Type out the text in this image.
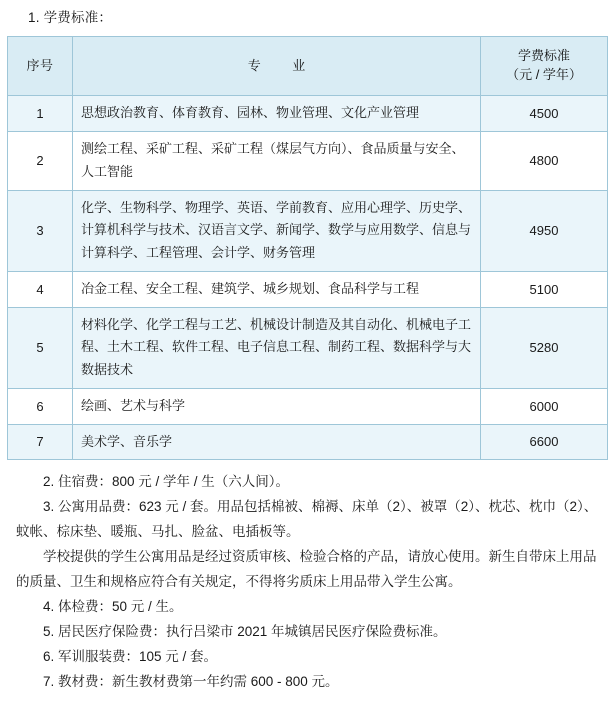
1. 学费标准：
序号	专 业	学费标准
（元 / 学年）

1	思想政治教育、体育教育、园林、物业管理、文化产业管理	4500
2	测绘工程、采矿工程、采矿工程（煤层气方向）、食品质量与安全、人工智能	4800
3	化学、生物科学、物理学、英语、学前教育、应用心理学、历史学、计算机科学与技术、汉语言文学、新闻学、数学与应用数学、信息与计算科学、工程管理、会计学、财务管理	4950
4	冶金工程、安全工程、建筑学、城乡规划、食品科学与工程	5100
5	材料化学、化学工程与工艺、机械设计制造及其自动化、机械电子工程、土木工程、软件工程、电子信息工程、制药工程、数据科学与大数据技术	5280
6	绘画、艺术与科学	6000
7	美术学、音乐学	6600

2. 住宿费：800 元 / 学年 / 生（六人间）。

3. 公寓用品费：623 元 / 套。用品包括棉被、棉褥、床单（2）、被罩（2）、枕芯、枕巾（2）、蚊帐、棕床垫、暖瓶、马扎、脸盆、电插板等。

学校提供的学生公寓用品是经过资质审核、检验合格的产品，请放心使用。新生自带床上用品的质量、卫生和规格应符合有关规定，不得将劣质床上用品带入学生公寓。

4. 体检费：50 元 / 生。

5. 居民医疗保险费：执行吕梁市 2021 年城镇居民医疗保险费标准。

6. 军训服装费：105 元 / 套。

7. 教材费：新生教材费第一年约需 600 - 800 元。
